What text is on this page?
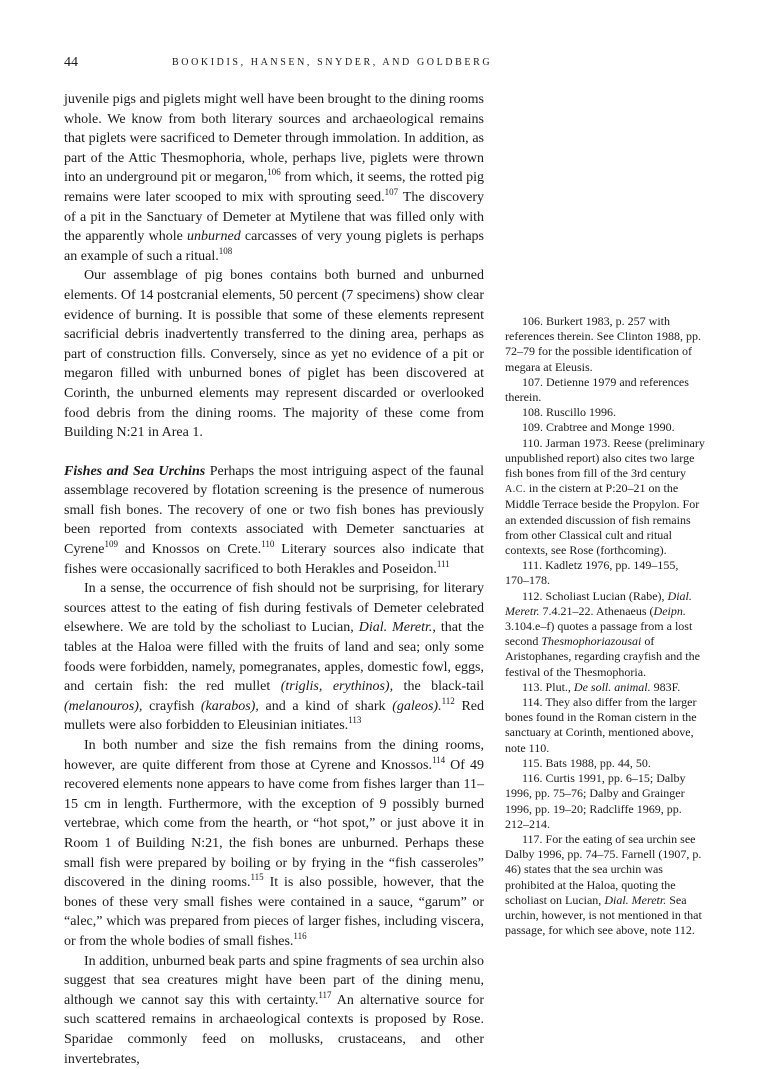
44	BOOKIDIS, HANSEN, SNYDER, AND GOLDBERG

juvenile pigs and piglets might well have been brought to the dining rooms whole. We know from both literary sources and archaeological remains that piglets were sacrificed to Demeter through immolation. In addition, as part of the Attic Thesmophoria, whole, perhaps live, piglets were thrown into an underground pit or megaron,$^{106}$ from which, it seems, the rotted pig remains were later scooped to mix with sprouting seed.$^{107}$ The discovery of a pit in the Sanctuary of Demeter at Mytilene that was filled only with the apparently whole unburned carcasses of very young piglets is perhaps an example of such a ritual.$^{108}$

Our assemblage of pig bones contains both burned and unburned elements. Of 14 postcranial elements, 50 percent (7 specimens) show clear evidence of burning. It is possible that some of these elements represent sacrificial debris inadvertently transferred to the dining area, perhaps as part of construction fills. Conversely, since as yet no evidence of a pit or megaron filled with unburned bones of piglet has been discovered at Corinth, the unburned elements may represent discarded or overlooked food debris from the dining rooms. The majority of these come from Building N:21 in Area 1.

Fishes and Sea Urchins Perhaps the most intriguing aspect of the faunal assemblage recovered by flotation screening is the presence of numerous small fish bones. The recovery of one or two fish bones has previously been reported from contexts associated with Demeter sanctuaries at Cyrene$^{109}$ and Knossos on Crete.$^{110}$ Literary sources also indicate that fishes were occasionally sacrificed to both Herakles and Poseidon.$^{111}$

In a sense, the occurrence of fish should not be surprising, for literary sources attest to the eating of fish during festivals of Demeter celebrated elsewhere. We are told by the scholiast to Lucian, Dial. Meretr., that the tables at the Haloa were filled with the fruits of land and sea; only some foods were forbidden, namely, pomegranates, apples, domestic fowl, eggs, and certain fish: the red mullet (triglis, erythinos), the black-tail (melanouros), crayfish (karabos), and a kind of shark (galeos).$^{112}$ Red mullets were also forbidden to Eleusinian initiates.$^{113}$

In both number and size the fish remains from the dining rooms, however, are quite different from those at Cyrene and Knossos.$^{114}$ Of 49 recovered elements none appears to have come from fishes larger than 11–15 cm in length. Furthermore, with the exception of 9 possibly burned vertebrae, which come from the hearth, or “hot spot,” or just above it in Room 1 of Building N:21, the fish bones are unburned. Perhaps these small fish were prepared by boiling or by frying in the “fish casseroles” discovered in the dining rooms.$^{115}$ It is also possible, however, that the bones of these very small fishes were contained in a sauce, “garum” or “alec,” which was prepared from pieces of larger fishes, including viscera, or from the whole bodies of small fishes.$^{116}$

In addition, unburned beak parts and spine fragments of sea urchin also suggest that sea creatures might have been part of the dining menu, although we cannot say this with certainty.$^{117}$ An alternative source for such scattered remains in archaeological contexts is proposed by Rose. Sparidae commonly feed on mollusks, crustaceans, and other invertebrates,

106. Burkert 1983, p. 257 with references therein. See Clinton 1988, pp. 72–79 for the possible identification of megara at Eleusis.

107. Detienne 1979 and references therein.

108. Ruscillo 1996.

109. Crabtree and Monge 1990.

110. Jarman 1973. Reese (preliminary unpublished report) also cites two large fish bones from fill of the 3rd century A.C. in the cistern at P:20–21 on the Middle Terrace beside the Propylon. For an extended discussion of fish remains from other Classical cult and ritual contexts, see Rose (forthcoming).

111. Kadletz 1976, pp. 149–155, 170–178.

112. Scholiast Lucian (Rabe), Dial. Meretr. 7.4.21–22. Athenaeus (Deipn. 3.104.e–f) quotes a passage from a lost second Thesmophoriazousai of Aristophanes, regarding crayfish and the festival of the Thesmophoria.

113. Plut., De soll. animal. 983F.

114. They also differ from the larger bones found in the Roman cistern in the sanctuary at Corinth, mentioned above, note 110.

115. Bats 1988, pp. 44, 50.

116. Curtis 1991, pp. 6–15; Dalby 1996, pp. 75–76; Dalby and Grainger 1996, pp. 19–20; Radcliffe 1969, pp. 212–214.

117. For the eating of sea urchin see Dalby 1996, pp. 74–75. Farnell (1907, p. 46) states that the sea urchin was prohibited at the Haloa, quoting the scholiast on Lucian, Dial. Meretr. Sea urchin, however, is not mentioned in that passage, for which see above, note 112.
